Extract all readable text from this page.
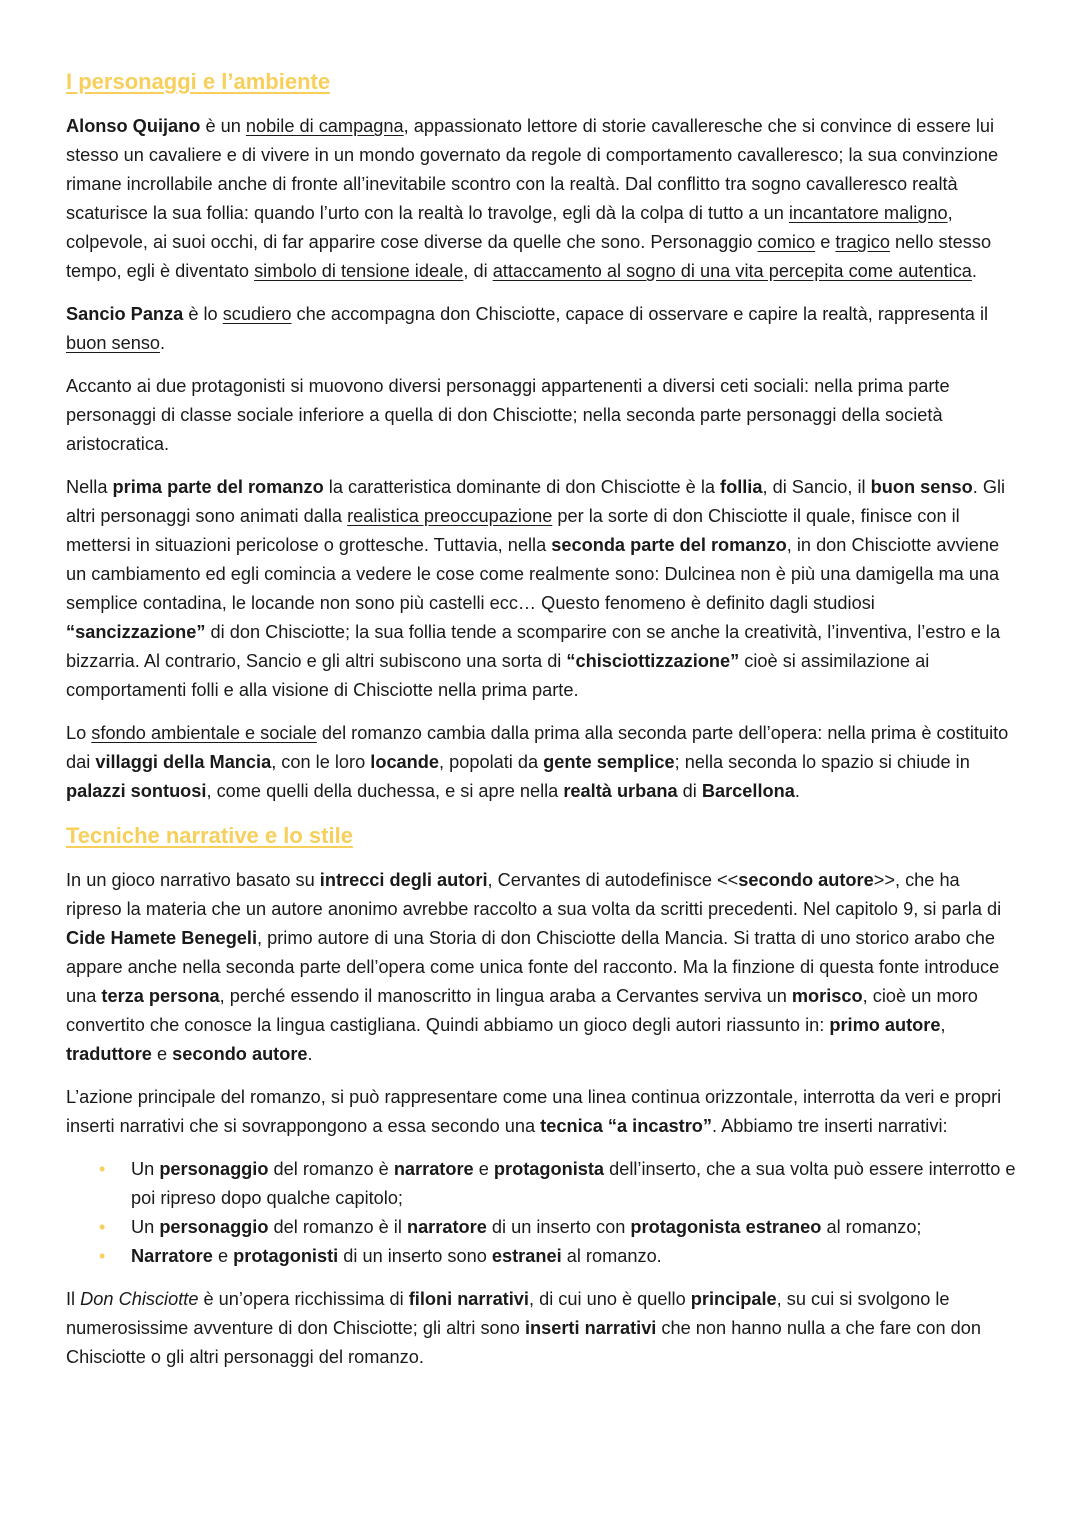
I personaggi e l’ambiente

Alonso Quijano è un nobile di campagna, appassionato lettore di storie cavalleresche che si convince di essere lui stesso un cavaliere e di vivere in un mondo governato da regole di comportamento cavalleresco; la sua convinzione rimane incrollabile anche di fronte all’inevitabile scontro con la realtà. Dal conflitto tra sogno cavalleresco realtà scaturisce la sua follia: quando l’urto con la realtà lo travolge, egli dà la colpa di tutto a un incantatore maligno, colpevole, ai suoi occhi, di far apparire cose diverse da quelle che sono. Personaggio comico e tragico nello stesso tempo, egli è diventato simbolo di tensione ideale, di attaccamento al sogno di una vita percepita come autentica.

Sancio Panza è lo scudiero che accompagna don Chisciotte, capace di osservare e capire la realtà, rappresenta il buon senso.

Accanto ai due protagonisti si muovono diversi personaggi appartenenti a diversi ceti sociali: nella prima parte personaggi di classe sociale inferiore a quella di don Chisciotte; nella seconda parte personaggi della società aristocratica.

Nella prima parte del romanzo la caratteristica dominante di don Chisciotte è la follia, di Sancio, il buon senso. Gli altri personaggi sono animati dalla realistica preoccupazione per la sorte di don Chisciotte il quale, finisce con il mettersi in situazioni pericolose o grottesche. Tuttavia, nella seconda parte del romanzo, in don Chisciotte avviene un cambiamento ed egli comincia a vedere le cose come realmente sono: Dulcinea non è più una damigella ma una semplice contadina, le locande non sono più castelli ecc… Questo fenomeno è definito dagli studiosi “sancizzazione” di don Chisciotte; la sua follia tende a scomparire con se anche la creatività, l’inventiva, l’estro e la bizzarria. Al contrario, Sancio e gli altri subiscono una sorta di “chisciottizzazione” cioè si assimilazione ai comportamenti folli e alla visione di Chisciotte nella prima parte.

Lo sfondo ambientale e sociale del romanzo cambia dalla prima alla seconda parte dell’opera: nella prima è costituito dai villaggi della Mancia, con le loro locande, popolati da gente semplice; nella seconda lo spazio si chiude in palazzi sontuosi, come quelli della duchessa, e si apre nella realtà urbana di Barcellona.

Tecniche narrative e lo stile

In un gioco narrativo basato su intrecci degli autori, Cervantes di autodefinisce <<secondo autore>>, che ha ripreso la materia che un autore anonimo avrebbe raccolto a sua volta da scritti precedenti. Nel capitolo 9, si parla di Cide Hamete Benegeli, primo autore di una Storia di don Chisciotte della Mancia. Si tratta di uno storico arabo che appare anche nella seconda parte dell’opera come unica fonte del racconto. Ma la finzione di questa fonte introduce una terza persona, perché essendo il manoscritto in lingua araba a Cervantes serviva un morisco, cioè un moro convertito che conosce la lingua castigliana. Quindi abbiamo un gioco degli autori riassunto in: primo autore, traduttore e secondo autore.

L’azione principale del romanzo, si può rappresentare come una linea continua orizzontale, interrotta da veri e propri inserti narrativi che si sovrappongono a essa secondo una tecnica “a incastro”. Abbiamo tre inserti narrativi:

• Un personaggio del romanzo è narratore e protagonista dell’inserto, che a sua volta può essere interrotto e poi ripreso dopo qualche capitolo;
• Un personaggio del romanzo è il narratore di un inserto con protagonista estraneo al romanzo;
• Narratore e protagonisti di un inserto sono estranei al romanzo.

Il Don Chisciotte è un’opera ricchissima di filoni narrativi, di cui uno è quello principale, su cui si svolgono le numerosissime avventure di don Chisciotte; gli altri sono inserti narrativi che non hanno nulla a che fare con don Chisciotte o gli altri personaggi del romanzo.
